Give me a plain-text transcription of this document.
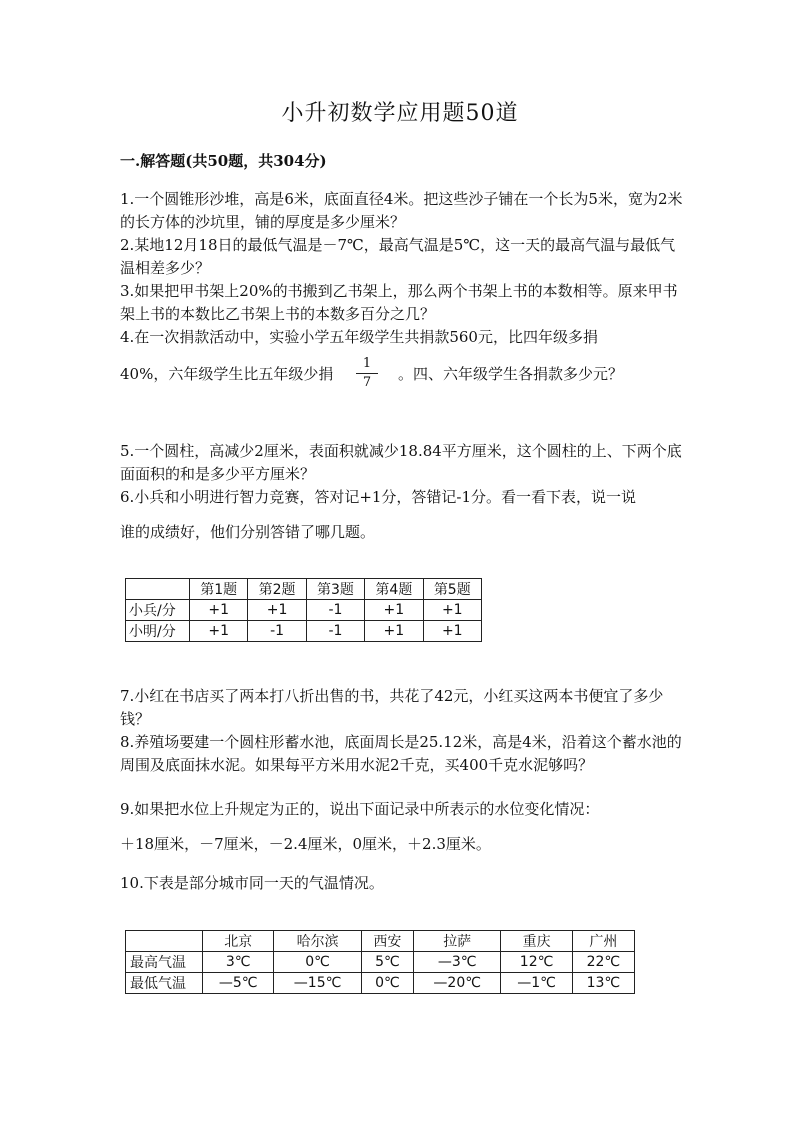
小升初数学应用题50道
一.解答题(共50题，共304分)

1.一个圆锥形沙堆，高是6米，底面直径4米。把这些沙子铺在一个长为5米，宽为2米的长方体的沙坑里，铺的厚度是多少厘米？

2.某地12月18日的最低气温是－7℃，最高气温是5℃，这一天的最高气温与最低气温相差多少？

3.如果把甲书架上20%的书搬到乙书架上，那么两个书架上书的本数相等。原来甲书架上书的本数比乙书架上书的本数多百分之几？

4.在一次捐款活动中，实验小学五年级学生共捐款560元，比四年级多捐

40%，六年级学生比五年级少捐 $\frac{1}{7}$ 。四、六年级学生各捐款多少元？

5.一个圆柱，高减少2厘米，表面积就减少18.84平方厘米，这个圆柱的上、下两个底面面积的和是多少平方厘米？

6.小兵和小明进行智力竞赛，答对记+1分，答错记-1分。看一看下表，说一说

谁的成绩好，他们分别答错了哪几题。

	第1题	第2题	第3题	第4题	第5题
小兵/分	+1	+1	-1	+1	+1
小明/分	+1	-1	-1	+1	+1

7.小红在书店买了两本打八折出售的书，共花了42元，小红买这两本书便宜了多少钱？

8.养殖场要建一个圆柱形蓄水池，底面周长是25.12米，高是4米，沿着这个蓄水池的周围及底面抹水泥。如果每平方米用水泥2千克，买400千克水泥够吗？

9.如果把水位上升规定为正的，说出下面记录中所表示的水位变化情况：

＋18厘米，－7厘米，－2.4厘米，0厘米，＋2.3厘米。

10.下表是部分城市同一天的气温情况。

	北京	哈尔滨	西安	拉萨	重庆	广州
最高气温	3℃	0℃	5℃	—3℃	12℃	22℃
最低气温	—5℃	—15℃	0℃	—20℃	—1℃	13℃
